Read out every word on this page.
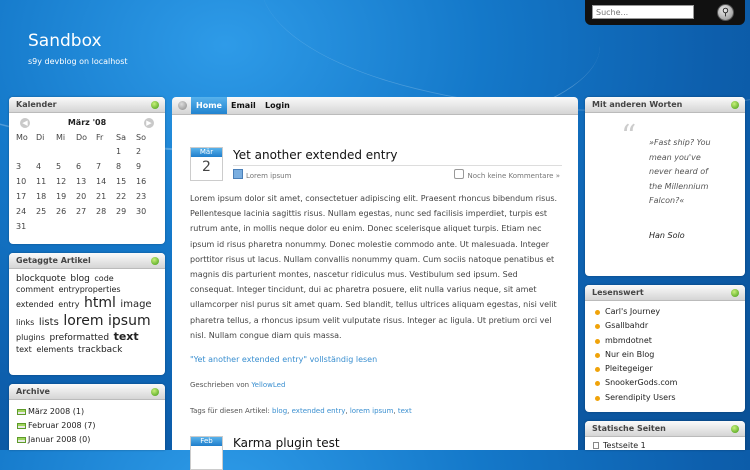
Sandbox
s9y devblog on localhost
Suche...
⚲
Kalender
◀	März '08	▶
Mo	Di	Mi	Do	Fr	Sa	So
					1	2
3	4	5	6	7	8	9
10	11	12	13	14	15	16
17	18	19	20	21	22	23
24	25	26	27	28	29	30
31						
Getaggte Artikel
blockquote blog code comment entryproperties extended entry html image links lists lorem ipsum plugins preformatted text text elements trackback
Archive
März 2008 (1)
Februar 2008 (7)
Januar 2008 (0)
Home	Email Login
Mär
2
Yet another extended entry
Lorem ipsum	Noch keine Kommentare »
Lorem ipsum dolor sit amet, consectetuer adipiscing elit. Praesent rhoncus bibendum risus. Pellentesque lacinia sagittis risus. Nullam egestas, nunc sed facilisis imperdiet, turpis est rutrum ante, in mollis neque dolor eu enim. Donec scelerisque aliquet turpis. Etiam nec ipsum id risus pharetra nonummy. Donec molestie commodo ante. Ut malesuada. Integer porttitor risus ut lacus. Nullam convallis nonummy quam. Cum sociis natoque penatibus et magnis dis parturient montes, nascetur ridiculus mus. Vestibulum sed ipsum. Sed consequat. Integer tincidunt, dui ac pharetra posuere, elit nulla varius neque, sit amet ullamcorper nisl purus sit amet quam. Sed blandit, tellus ultrices aliquam egestas, nisi velit pharetra tellus, a rhoncus ipsum velit vulputate risus. Integer ac ligula. Ut pretium orci vel nisl. Nullam congue diam quis massa.
"Yet another extended entry" vollständig lesen
Geschrieben von YellowLed
Tags für diesen Artikel: blog, extended entry, lorem ipsum, text
Feb	Karma plugin test
Mit anderen Worten
“ »Fast ship? You mean you've never heard of the Millennium Falcon?«
Han Solo
Lesenswert
Carl's Journey
Gsallbahdr
mbmdotnet
Nur ein Blog
Pleitegeiger
SnookerGods.com
Serendipity Users
Statische Seiten
Testseite 1
